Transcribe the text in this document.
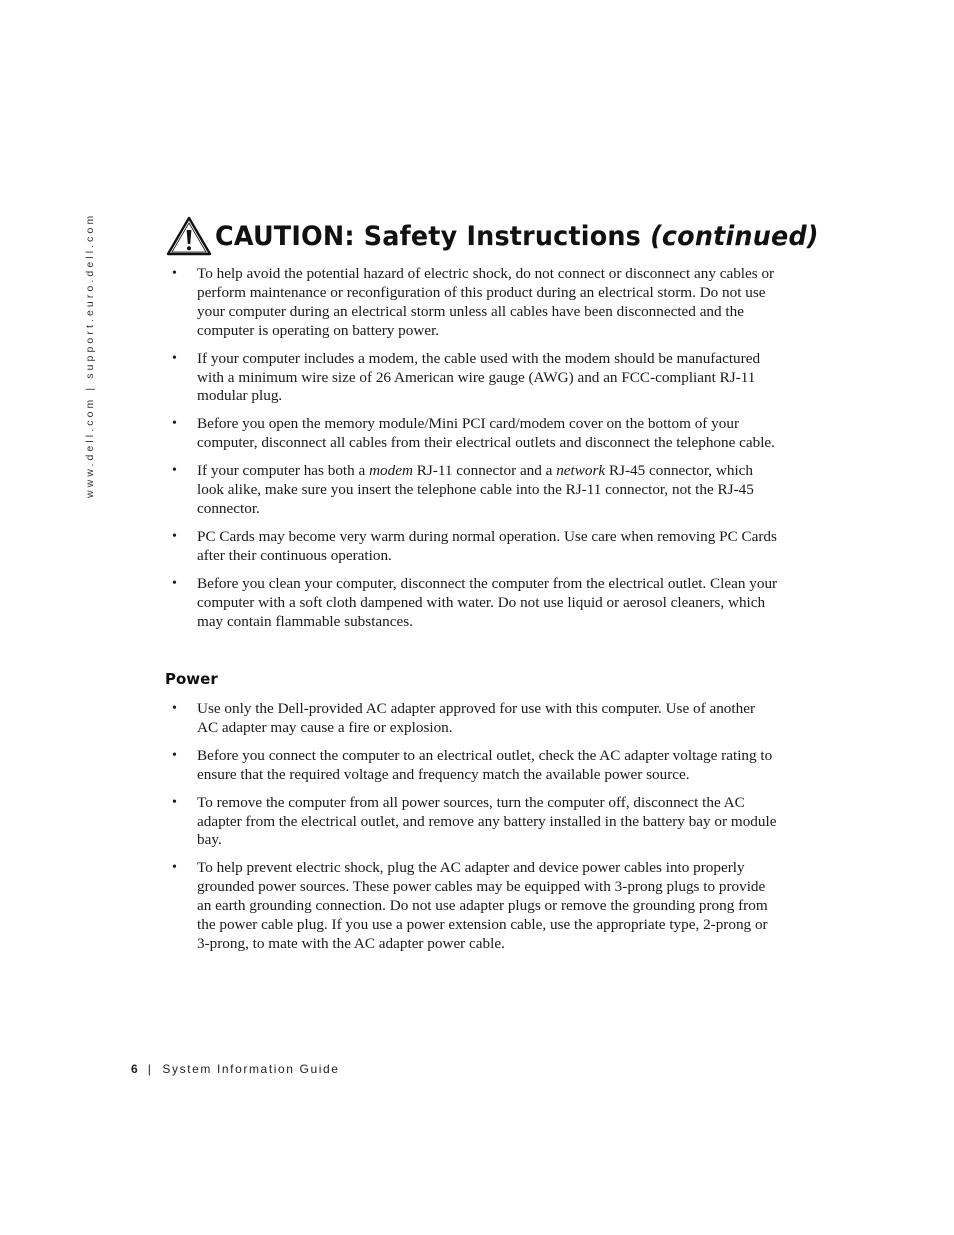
www.dell.com | support.euro.dell.com	CAUTION: Safety Instructions (continued)
• To help avoid the potential hazard of electric shock, do not connect or disconnect any cables or perform maintenance or reconfiguration of this product during an electrical storm. Do not use your computer during an electrical storm unless all cables have been disconnected and the computer is operating on battery power.
• If your computer includes a modem, the cable used with the modem should be manufactured with a minimum wire size of 26 American wire gauge (AWG) and an FCC-compliant RJ-11 modular plug.
• Before you open the memory module/Mini PCI card/modem cover on the bottom of your computer, disconnect all cables from their electrical outlets and disconnect the telephone cable.
• If your computer has both a modem RJ-11 connector and a network RJ-45 connector, which look alike, make sure you insert the telephone cable into the RJ-11 connector, not the RJ-45 connector.
• PC Cards may become very warm during normal operation. Use care when removing PC Cards after their continuous operation.
• Before you clean your computer, disconnect the computer from the electrical outlet. Clean your computer with a soft cloth dampened with water. Do not use liquid or aerosol cleaners, which may contain flammable substances.
Power
• Use only the Dell-provided AC adapter approved for use with this computer. Use of another AC adapter may cause a fire or explosion.
• Before you connect the computer to an electrical outlet, check the AC adapter voltage rating to ensure that the required voltage and frequency match the available power source.
• To remove the computer from all power sources, turn the computer off, disconnect the AC adapter from the electrical outlet, and remove any battery installed in the battery bay or module bay.
• To help prevent electric shock, plug the AC adapter and device power cables into properly grounded power sources. These power cables may be equipped with 3-prong plugs to provide an earth grounding connection. Do not use adapter plugs or remove the grounding prong from the power cable plug. If you use a power extension cable, use the appropriate type, 2-prong or 3-prong, to mate with the AC adapter power cable.
6 | System Information Guide
